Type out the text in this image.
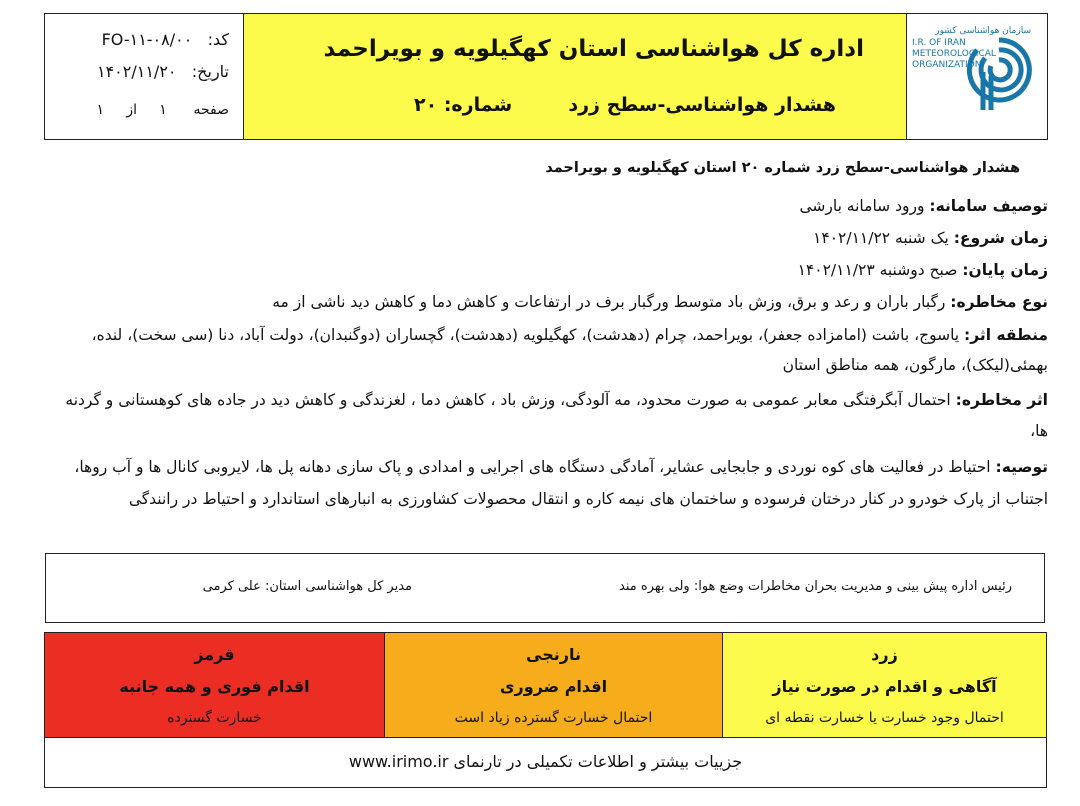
سازمان هواشناسی کشور
I.R. OF IRAN
METEOROLOGICAL
ORGANIZATION
اداره کل هواشناسی استان کهگیلویه و بویراحمد
هشدار هواشناسی-سطح زرد
شماره: ۲۰
کد:   FO-۱۱-۰۸/۰۰
تاریخ:   ۱۴۰۲/۱۱/۲۰
صفحه      ۱     از     ۱
هشدار هواشناسی-سطح زرد شماره ۲۰ استان کهگیلویه و بویراحمد
توصیف سامانه: ورود سامانه بارشی
زمان شروع: یک شنبه ۱۴۰۲/۱۱/۲۲
زمان پایان: صبح دوشنبه ۱۴۰۲/۱۱/۲۳
نوع مخاطره: رگبار باران و رعد و برق، وزش باد متوسط ورگبار برف در ارتفاعات و کاهش دما و کاهش دید ناشی از مه
منطقه اثر: یاسوج، باشت (امامزاده جعفر)، بویراحمد، چرام (دهدشت)، کهگیلویه (دهدشت)، گچساران (دوگنبدان)، دولت آباد، دنا (سی سخت)، لنده، بهمئی(لیکک)، مارگون، همه مناطق استان
اثر مخاطره: احتمال آبگرفتگی معابر عمومی به صورت محدود، مه آلودگی، وزش باد ، کاهش دما ، لغزندگی و کاهش دید در جاده های کوهستانی و گردنه ها،
توصیه: احتیاط در فعالیت های کوه نوردی و جابجایی عشایر، آمادگی دستگاه های اجرایی و امدادی و پاک سازی دهانه پل ها، لایروبی کانال ها و آب روها، اجتناب از پارک خودرو در کنار درختان فرسوده و ساختمان های نیمه کاره و انتقال محصولات کشاورزی به انبارهای استاندارد و احتیاط در رانندگی
رئیس اداره پیش بینی و مدیریت بحران مخاطرات وضع هوا: ولی بهره مند
مدیر کل هواشناسی استان: علی کرمی
زرد
آگاهی و اقدام در صورت نیاز
احتمال وجود خسارت یا خسارت نقطه ای
نارنجی
اقدام ضروری
احتمال خسارت گسترده زیاد است
قرمز
اقدام فوری و همه جانبه
خسارت گسترده
جزییات بیشتر و اطلاعات تکمیلی در تارنمای www.irimo.ir
